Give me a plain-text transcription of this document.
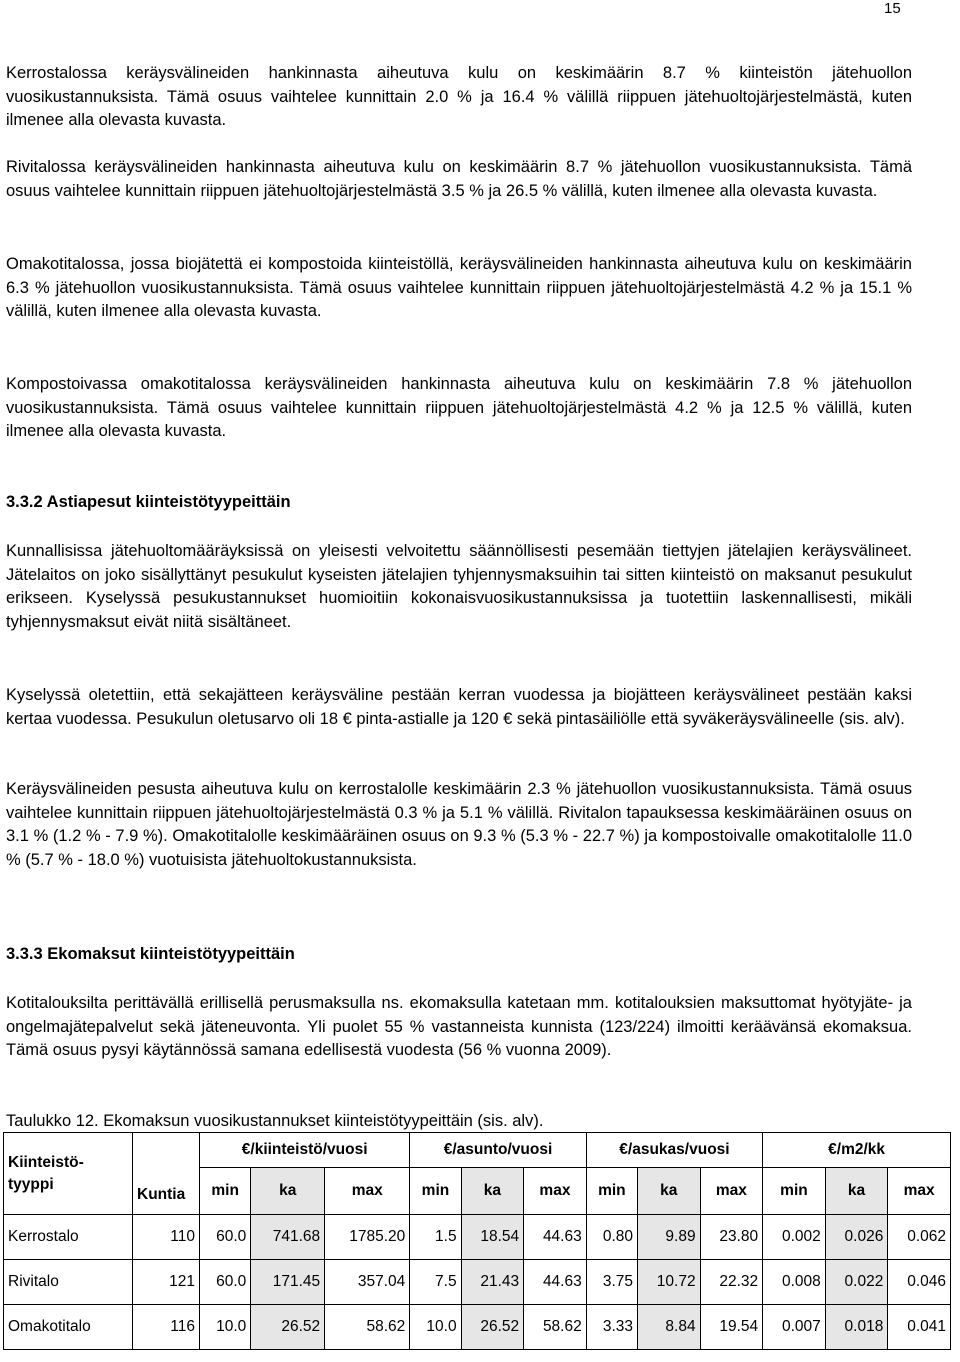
15

Kerrostalossa keräysvälineiden hankinnasta aiheutuva kulu on keskimäärin 8.7 % kiinteistön jätehuollon vuosikustannuksista. Tämä osuus vaihtelee kunnittain 2.0 % ja 16.4 % välillä riippuen jätehuoltojärjestelmästä, kuten ilmenee alla olevasta kuvasta.

Rivitalossa keräysvälineiden hankinnasta aiheutuva kulu on keskimäärin 8.7 % jätehuollon vuosikustannuksista. Tämä osuus vaihtelee kunnittain riippuen jätehuoltojärjestelmästä 3.5 % ja 26.5 % välillä, kuten ilmenee alla olevasta kuvasta.

Omakotitalossa, jossa biojätettä ei kompostoida kiinteistöllä, keräysvälineiden hankinnasta aiheutuva kulu on keskimäärin 6.3 % jätehuollon vuosikustannuksista. Tämä osuus vaihtelee kunnittain riippuen jätehuoltojärjestelmästä 4.2 % ja 15.1 % välillä, kuten ilmenee alla olevasta kuvasta.

Kompostoivassa omakotitalossa keräysvälineiden hankinnasta aiheutuva kulu on keskimäärin 7.8 % jätehuollon vuosikustannuksista. Tämä osuus vaihtelee kunnittain riippuen jätehuoltojärjestelmästä 4.2 % ja 12.5 % välillä, kuten ilmenee alla olevasta kuvasta.

3.3.2 Astiapesut kiinteistötyypeittäin

Kunnallisissa jätehuoltomääräyksissä on yleisesti velvoitettu säännöllisesti pesemään tiettyjen jätelajien keräysvälineet. Jätelaitos on joko sisällyttänyt pesukulut kyseisten jätelajien tyhjennysmaksuihin tai sitten kiinteistö on maksanut pesukulut erikseen. Kyselyssä pesukustannukset huomioitiin kokonaisvuosikustannuksissa ja tuotettiin laskennallisesti, mikäli tyhjennysmaksut eivät niitä sisältäneet.

Kyselyssä oletettiin, että sekajätteen keräysväline pestään kerran vuodessa ja biojätteen keräysvälineet pestään kaksi kertaa vuodessa. Pesukulun oletusarvo oli 18 € pinta-astialle ja 120 € sekä pintasäiliölle että syväkeräysvälineelle (sis. alv).

Keräysvälineiden pesusta aiheutuva kulu on kerrostalolle keskimäärin 2.3 % jätehuollon vuosikustannuksista. Tämä osuus vaihtelee kunnittain riippuen jätehuoltojärjestelmästä 0.3 % ja 5.1 % välillä. Rivitalon tapauksessa keskimääräinen osuus on 3.1 % (1.2 % - 7.9 %). Omakotitalolle keskimääräinen osuus on 9.3 % (5.3 % - 22.7 %) ja kompostoivalle omakotitalolle 11.0 % (5.7 % - 18.0 %) vuotuisista jätehuoltokustannuksista.

3.3.3 Ekomaksut kiinteistötyypeittäin

Kotitalouksilta perittävällä erillisellä perusmaksulla ns. ekomaksulla katetaan mm. kotitalouksien maksuttomat hyötyjäte- ja ongelmajätepalvelut sekä jäteneuvonta. Yli puolet 55 % vastanneista kunnista (123/224) ilmoitti keräävänsä ekomaksua. Tämä osuus pysyi käytännössä samana edellisestä vuodesta (56 % vuonna 2009).

Taulukko 12. Ekomaksun vuosikustannukset kiinteistötyypeittäin (sis. alv).
Kiinteistö-tyyppi	Kuntia	€/kiinteistö/vuosi			€/asunto/vuosi			€/asukas/vuosi			€/m2/kk		
		min	ka	max	min	ka	max	min	ka	max	min	ka	max
Kerrostalo	110	60.0	741.68	1785.20	1.5	18.54	44.63	0.80	9.89	23.80	0.002	0.026	0.062
Rivitalo	121	60.0	171.45	357.04	7.5	21.43	44.63	3.75	10.72	22.32	0.008	0.022	0.046
Omakotitalo	116	10.0	26.52	58.62	10.0	26.52	58.62	3.33	8.84	19.54	0.007	0.018	0.041
